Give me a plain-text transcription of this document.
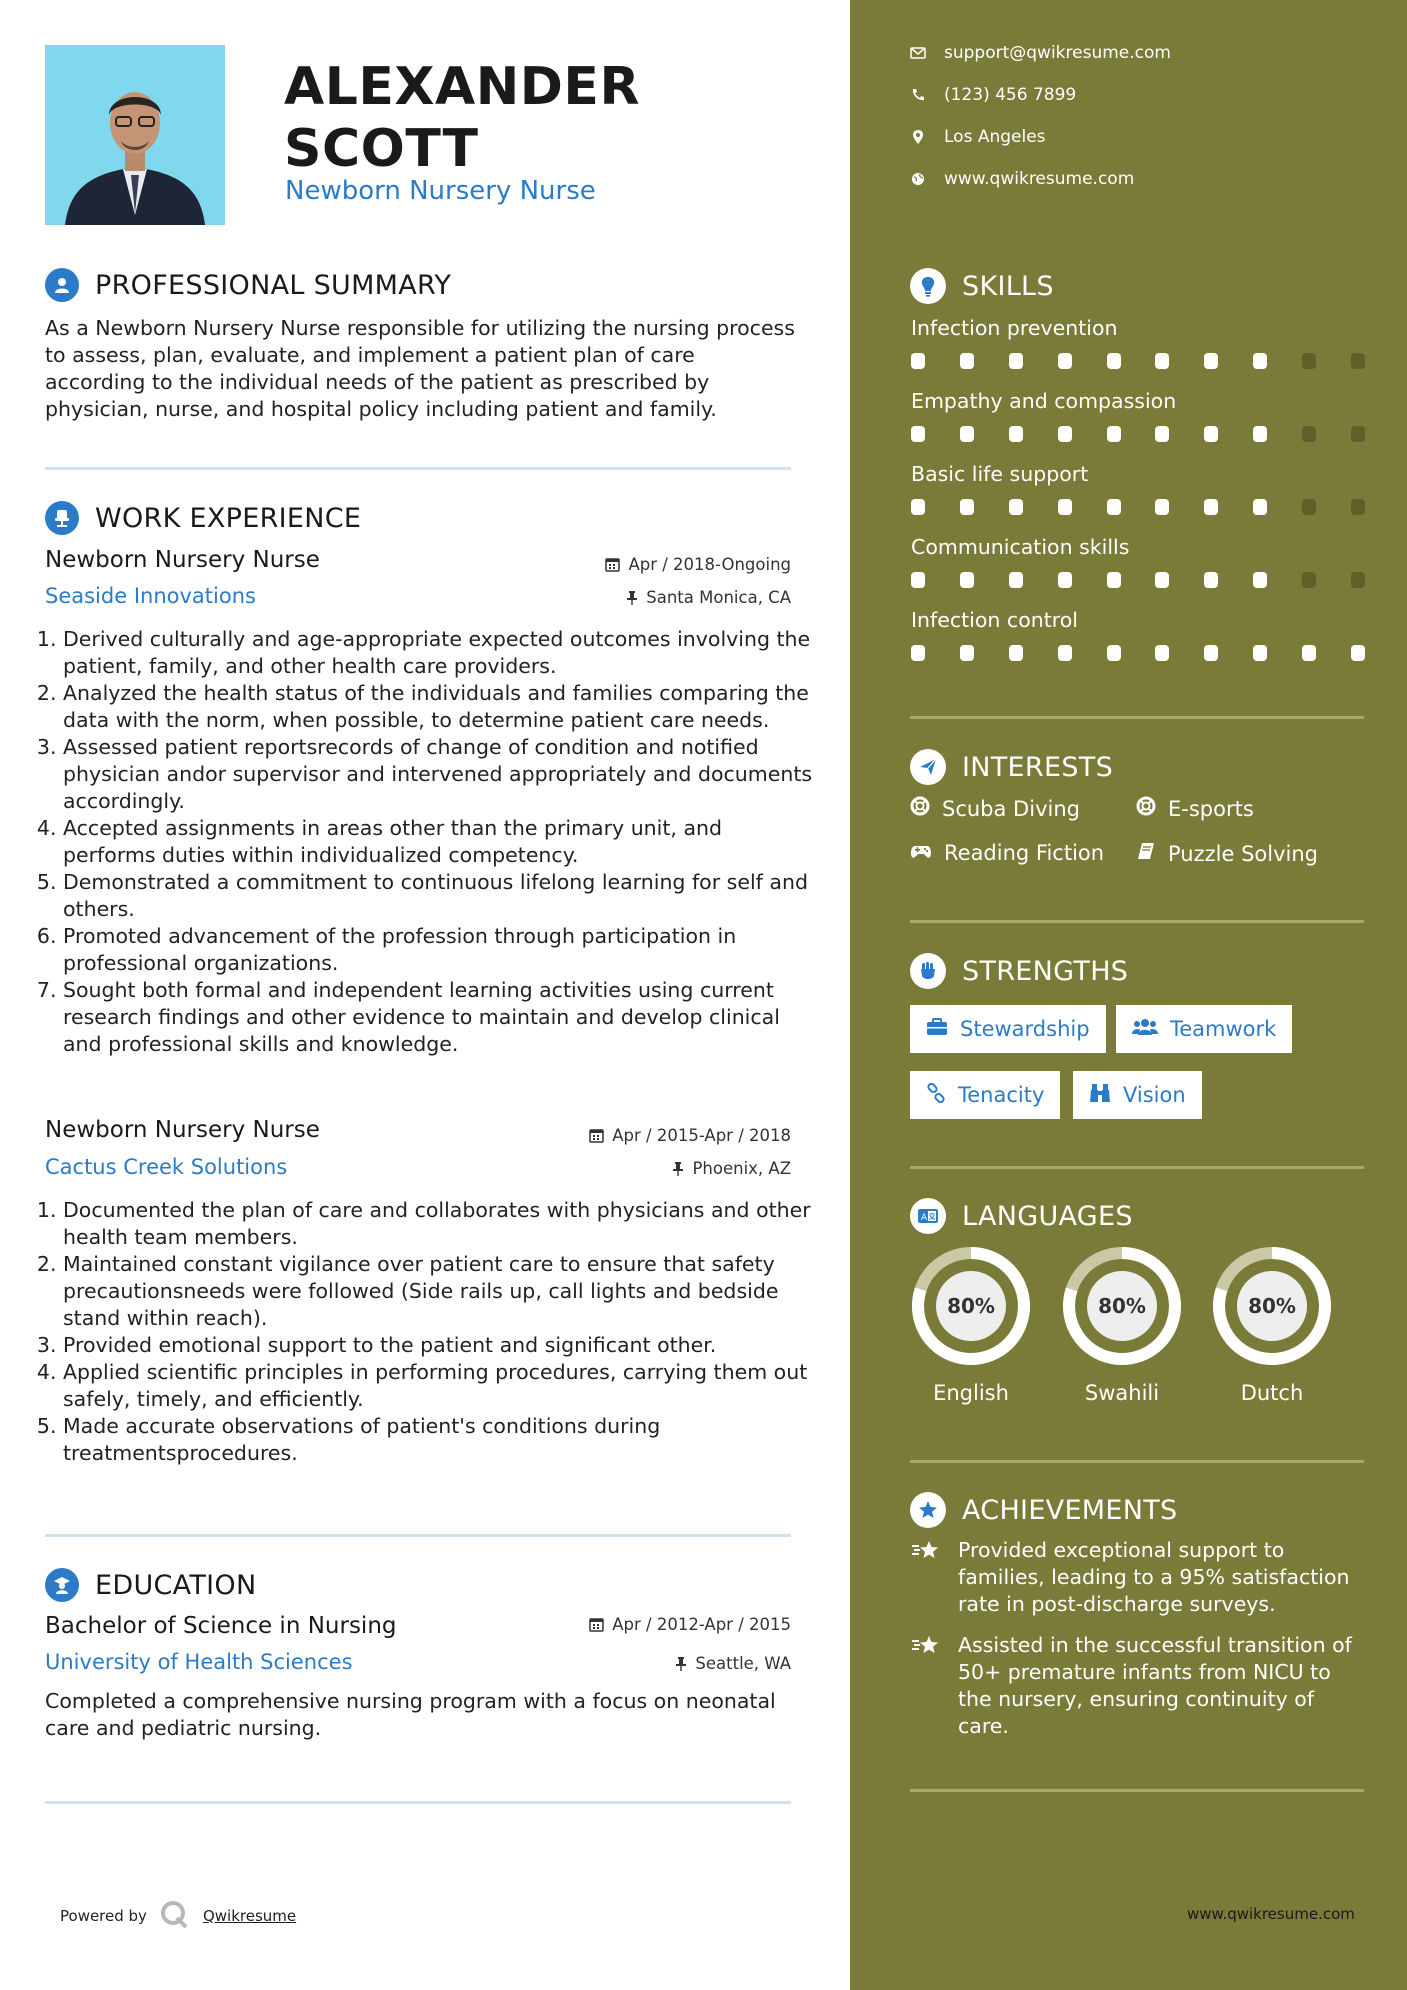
ALEXANDER
SCOTT
Newborn Nursery Nurse
PROFESSIONAL SUMMARY
As a Newborn Nursery Nurse responsible for utilizing the nursing process to assess, plan, evaluate, and implement a patient plan of care according to the individual needs of the patient as prescribed by physician, nurse, and hospital policy including patient and family.
WORK EXPERIENCE
Newborn Nursery Nurse	Apr / 2018-Ongoing
Seaside Innovations	Santa Monica, CA
1. Derived culturally and age-appropriate expected outcomes involving the patient, family, and other health care providers.
2. Analyzed the health status of the individuals and families comparing the data with the norm, when possible, to determine patient care needs.
3. Assessed patient reportsrecords of change of condition and notified physician andor supervisor and intervened appropriately and documents accordingly.
4. Accepted assignments in areas other than the primary unit, and performs duties within individualized competency.
5. Demonstrated a commitment to continuous lifelong learning for self and others.
6. Promoted advancement of the profession through participation in professional organizations.
7. Sought both formal and independent learning activities using current research findings and other evidence to maintain and develop clinical and professional skills and knowledge.
Newborn Nursery Nurse	Apr / 2015-Apr / 2018
Cactus Creek Solutions	Phoenix, AZ
1. Documented the plan of care and collaborates with physicians and other health team members.
2. Maintained constant vigilance over patient care to ensure that safety precautionsneeds were followed (Side rails up, call lights and bedside stand within reach).
3. Provided emotional support to the patient and significant other.
4. Applied scientific principles in performing procedures, carrying them out safely, timely, and efficiently.
5. Made accurate observations of patient's conditions during treatmentsprocedures.
EDUCATION
Bachelor of Science in Nursing	Apr / 2012-Apr / 2015
University of Health Sciences	Seattle, WA
Completed a comprehensive nursing program with a focus on neonatal care and pediatric nursing.
Powered by	Qwikresume
support@qwikresume.com
(123) 456 7899
Los Angeles
www.qwikresume.com
SKILLS
Infection prevention
Empathy and compassion
Basic life support
Communication skills
Infection control
INTERESTS
Scuba Diving	E-sports
Reading Fiction	Puzzle Solving
STRENGTHS
Stewardship	Teamwork
Tenacity	Vision
A LANGUAGES
80%
English
80%
Swahili
80%
Dutch
ACHIEVEMENTS
Provided exceptional support to families, leading to a 95% satisfaction rate in post-discharge surveys.
Assisted in the successful transition of 50+ premature infants from NICU to the nursery, ensuring continuity of care.
www.qwikresume.com
